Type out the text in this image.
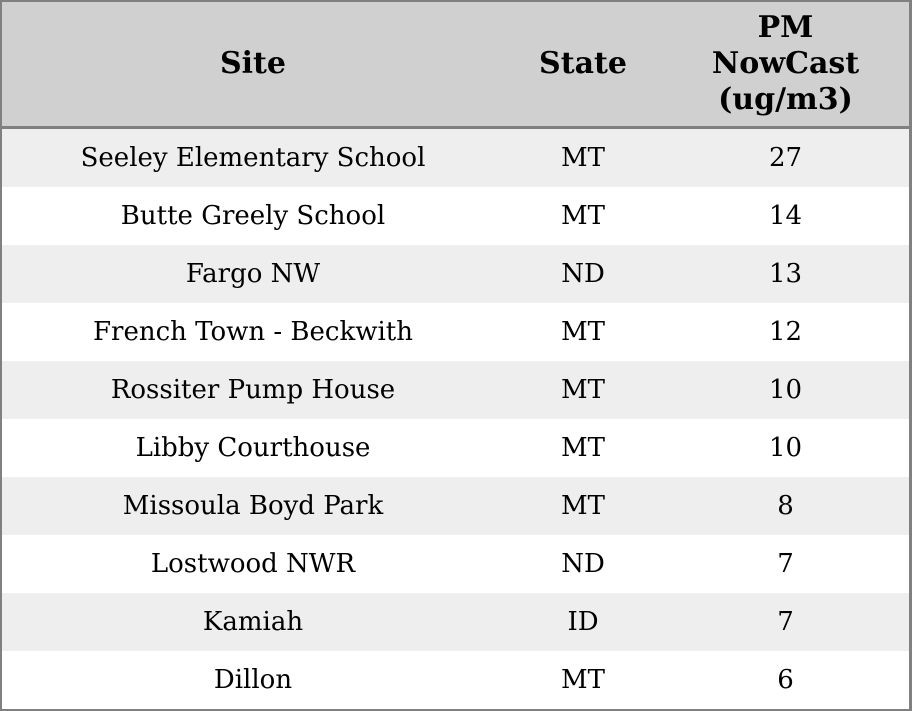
Site	State	PM NowCast (ug/m3)

Seeley Elementary School	MT	27
Butte Greely School	MT	14
Fargo NW	ND	13
French Town - Beckwith	MT	12
Rossiter Pump House	MT	10
Libby Courthouse	MT	10
Missoula Boyd Park	MT	8
Lostwood NWR	ND	7
Kamiah	ID	7
Dillon	MT	6
